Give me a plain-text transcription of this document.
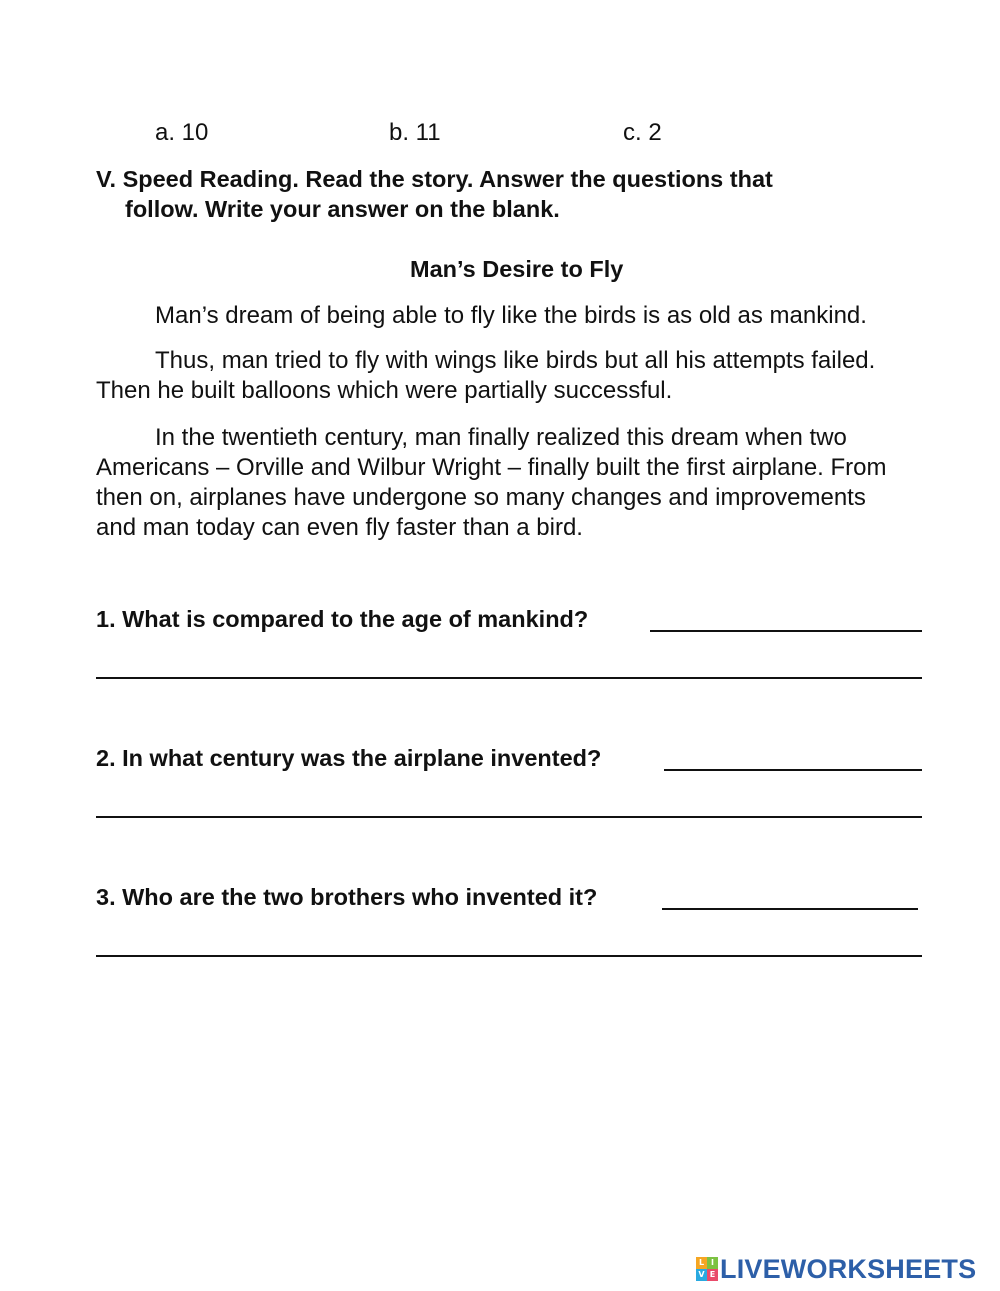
a. 10	b. 11	c. 2
V. Speed Reading. Read the story. Answer the questions that
follow. Write your answer on the blank.
Man’s Desire to Fly
Man’s dream of being able to fly like the birds is as old as mankind.
Thus, man tried to fly with wings like birds but all his attempts failed.
Then he built balloons which were partially successful.
In the twentieth century, man finally realized this dream when two
Americans – Orville and Wilbur Wright – finally built the first airplane. From
then on, airplanes have undergone so many changes and improvements
and man today can even fly faster than a bird.
1. What is compared to the age of mankind?
2. In what century was the airplane invented?
3. Who are the two brothers who invented it?
L I
V E LIVEWORKSHEETS
